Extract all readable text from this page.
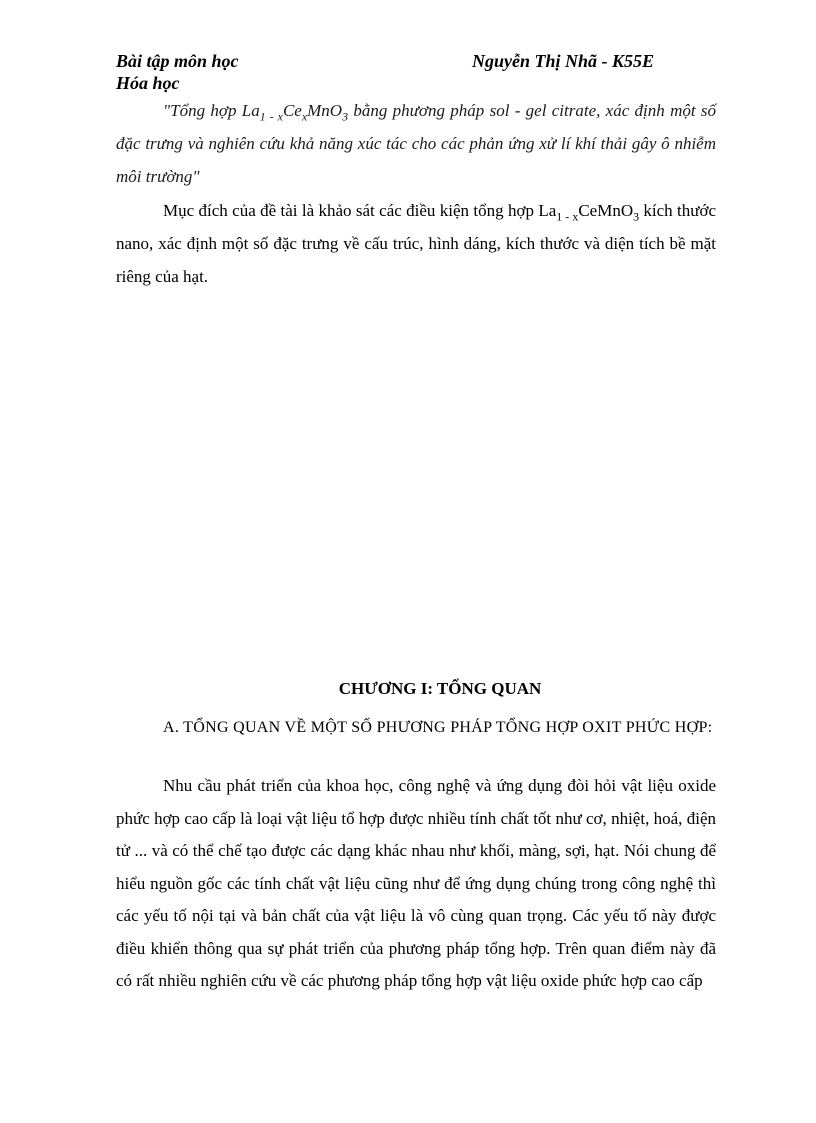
Bài tập môn học
Hóa học
Nguyễn Thị Nhã - K55E

"Tổng hợp $La_{1 - x}Ce_xMnO_3$ bằng phương pháp sol - gel citrate, xác định một số đặc trưng và nghiên cứu khả năng xúc tác cho các phản ứng xử lí khí thải gây ô nhiễm môi trường"

Mục đích của đề tài là khảo sát các điều kiện tổng hợp $La_{1 - x}CeMnO_3$ kích thước nano, xác định một số đặc trưng về cấu trúc, hình dáng, kích thước và diện tích bề mặt riêng của hạt.

CHƯƠNG I: TỔNG QUAN

A. TỔNG QUAN VỀ MỘT SỐ PHƯƠNG PHÁP TỔNG HỢP OXIT PHỨC HỢP:

Nhu cầu phát triển của khoa học, công nghệ và ứng dụng đòi hỏi vật liệu oxide phức hợp cao cấp là loại vật liệu tổ hợp được nhiều tính chất tốt như cơ, nhiệt, hoá, điện tử ... và có thể chế tạo được các dạng khác nhau như khối, màng, sợi, hạt. Nói chung để hiểu nguồn gốc các tính chất vật liệu cũng như để ứng dụng chúng trong công nghệ thì các yếu tố nội tại và bản chất của vật liệu là vô cùng quan trọng. Các yếu tố này được điều khiển thông qua sự phát triển của phương pháp tổng hợp. Trên quan điểm này đã có rất nhiều nghiên cứu về các phương pháp tổng hợp vật liệu oxide phức hợp cao cấp
